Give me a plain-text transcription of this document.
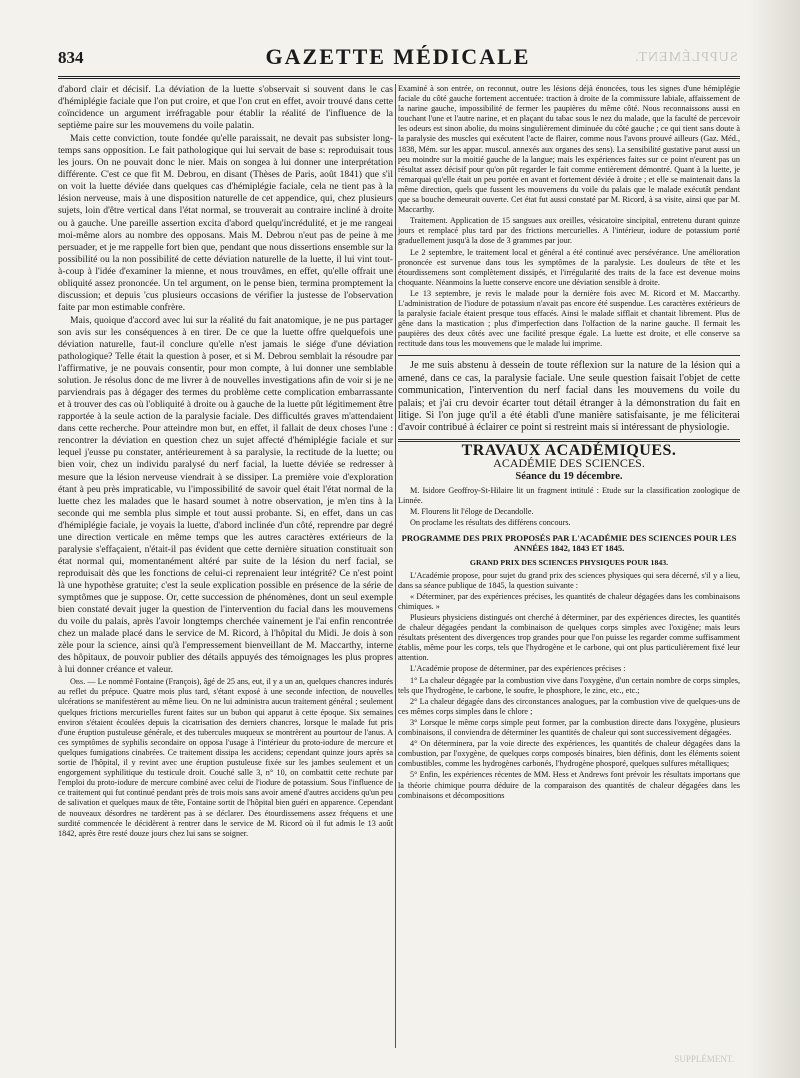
834	GAZETTE MÉDICALE	SUPPLÉMENT.

d'abord clair et décisif. La déviation de la luette s'observait si souvent dans le cas d'hémiplégie faciale que l'on put croire, et que l'on crut en effet, avoir trouvé dans cette coïncidence un argument irréfragable pour établir la réalité de l'influence de la septième paire sur les mouvemens du voile palatin.

Mais cette conviction, toute fondée qu'elle paraissait, ne devait pas subsister long-temps sans opposition. Le fait pathologique qui lui servait de base s: reproduisait tous les jours. On ne pouvait donc le nier. Mais on songea à lui donner une interprétation différente. C'est ce que fit M. Debrou, en disant (Thèses de Paris, août 1841) que s'il on voit la luette déviée dans quelques cas d'hémiplégie faciale, cela ne tient pas à la lésion nerveuse, mais à une disposition naturelle de cet appendice, qui, chez plusieurs sujets, loin d'être vertical dans l'état normal, se trouverait au contraire incliné à droite ou à gauche. Une pareille assertion excita d'abord quelqu'incrédulité, et je me rangeai moi-même alors au nombre des opposans. Mais M. Debrou n'eut pas de peine à me persuader, et je me rappelle fort bien que, pendant que nous dissertions ensemble sur la possibilité ou la non possibilité de cette déviation naturelle de la luette, il lui vint tout-à-coup à l'idée d'examiner la mienne, et nous trouvâmes, en effet, qu'elle offrait une obliquité assez prononcée. Un tel argument, on le pense bien, termina promptement la discussion; et depuis 'cus plusieurs occasions de vérifier la justesse de l'observation faite par mon estimable confrère.

Mais, quoique d'accord avec lui sur la réalité du fait anatomique, je ne pus partager son avis sur les conséquences à en tirer. De ce que la luette offre quelquefois une déviation naturelle, faut-il conclure qu'elle n'est jamais le siége d'une déviation pathologique? Telle était la question à poser, et si M. Debrou semblait la résoudre par l'affirmative, je ne pouvais consentir, pour mon compte, à lui donner une semblable solution. Je résolus donc de me livrer à de nouvelles investigations afin de voir si je ne parviendrais pas à dégager des termes du problème cette complication embarrassante et à trouver des cas où l'obliquité à droite ou à gauche de la luette pût légitimement être rapportée à la seule action de la paralysie faciale. Des difficultés graves m'attendaient dans cette recherche. Pour atteindre mon but, en effet, il fallait de deux choses l'une : rencontrer la déviation en question chez un sujet affecté d'hémiplégie faciale et sur lequel j'eusse pu constater, antérieurement à sa paralysie, la rectitude de la luette; ou bien voir, chez un individu paralysé du nerf facial, la luette déviée se redresser à mesure que la lésion nerveuse viendrait à se dissiper. La première voie d'exploration étant à peu près impraticable, vu l'impossibilité de savoir quel était l'état normal de la luette chez les malades que le hasard soumet à notre observation, je m'en tins à la seconde qui me sembla plus simple et tout aussi probante. Si, en effet, dans un cas d'hémiplégie faciale, je voyais la luette, d'abord inclinée d'un côté, reprendre par degré une direction verticale en même temps que les autres caractères extérieurs de la paralysie s'effaçaient, n'était-il pas évident que cette dernière situation constituait son état normal qui, momentanément altéré par suite de la lésion du nerf facial, se reproduisait dès que les fonctions de celui-ci reprenaient leur intégrité? Ce n'est point là une hypothèse gratuite; c'est la seule explication possible en présence de la série de symptômes que je suppose. Or, cette succession de phénomènes, dont un seul exemple bien constaté devait juger la question de l'intervention du facial dans les mouvemens du voile du palais, après l'avoir longtemps cherchée vainement je l'ai enfin rencontrée chez un malade placé dans le service de M. Ricord, à l'hôpital du Midi. Je dois à son zèle pour la science, ainsi qu'à l'empressement bienveillant de M. Maccarthy, interne des hôpitaux, de pouvoir publier des détails appuyés des témoignages les plus propres à lui donner créance et valeur.

Obs. — Le nommé Fontaine (François), âgé de 25 ans, eut, il y a un an, quelques chancres indurés au reflet du prépuce. Quatre mois plus tard, s'étant exposé à une seconde infection, de nouvelles ulcérations se manifestèrent au même lieu. On ne lui administra aucun traitement général ; seulement quelques frictions mercurielles furent faites sur un bubon qui apparut à cette époque. Six semaines environ s'étaient écoulées depuis la cicatrisation des derniers chancres, lorsque le malade fut pris d'une éruption pustuleuse générale, et des tubercules muqueux se montrèrent au pourtour de l'anus. A ces symptômes de syphilis secondaire on opposa l'usage à l'intérieur du proto-iodure de mercure et quelques fumigations cinabrées. Ce traitement dissipa les accidens; cependant quinze jours après sa sortie de l'hôpital, il y revint avec une éruption pustuleuse fixée sur les jambes seulement et un engorgement syphilitique du testicule droit. Couché salle 3, n° 10, on combattit cette rechute par l'emploi du proto-iodure de mercure combiné avec celui de l'iodure de potassium. Sous l'influence de ce traitement qui fut continué pendant près de trois mois sans avoir amené d'autres accidens qu'un peu de salivation et quelques maux de tête, Fontaine sortit de l'hôpital bien guéri en apparence. Cependant de nouveaux désordres ne tardèrent pas à se déclarer. Des étourdissemens assez fréquens et une surdité commencée le décidèrent à rentrer dans le service de M. Ricord où il fut admis le 13 août 1842, après être resté douze jours chez lui sans se soigner.

Examiné à son entrée, on reconnut, outre les lésions déjà énoncées, tous les signes d'une hémiplégie faciale du côté gauche fortement accentuée: traction à droite de la commissure labiale, affaissement de la narine gauche, impossibilité de fermer les paupières du même côté. Nous reconnaissons aussi en touchant l'une et l'autre narine, et en plaçant du tabac sous le nez du malade, que la faculté de percevoir les odeurs est sinon abolie, du moins singulièrement diminuée du côté gauche ; ce qui tient sans doute à la paralysie des muscles qui exécutent l'acte de flairer, comme nous l'avons prouvé ailleurs (Gaz. Méd., 1838, Mém. sur les appar. muscul. annexés aux organes des sens). La sensibilité gustative parut aussi un peu moindre sur la moitié gauche de la langue; mais les expériences faites sur ce point n'eurent pas un résultat assez décisif pour qu'on pût regarder le fait comme entièrement démontré. Quant à la luette, je remarquai qu'elle était un peu portée en avant et fortement déviée à droite ; et elle se maintenait dans la même direction, quels que fussent les mouvemens du voile du palais que le malade exécutât pendant que sa bouche demeurait ouverte. Cet état fut aussi constaté par M. Ricord, à sa visite, ainsi que par M. Maccarthy.

Traitement. Application de 15 sangsues aux oreilles, vésicatoire sincipital, entretenu durant quinze jours et remplacé plus tard par des frictions mercurielles. A l'intérieur, iodure de potassium porté graduellement jusqu'à la dose de 3 grammes par jour.

Le 2 septembre, le traitement local et général a été continué avec persévérance. Une amélioration prononcée est survenue dans tous les symptômes de la paralysie. Les douleurs de tête et les étourdissemens sont complètement dissipés, et l'irrégularité des traits de la face est devenue moins choquante. Néanmoins la luette conserve encore une déviation sensible à droite.

Le 13 septembre, je revis le malade pour la dernière fois avec M. Ricord et M. Maccarthy. L'administration de l'iodure de potassium n'avait pas encore été suspendue. Les caractères extérieurs de la paralysie faciale étaient presque tous effacés. Ainsi le malade sifflait et chantait librement. Plus de gêne dans la mastication ; plus d'imperfection dans l'olfaction de la narine gauche. Il fermait les paupières des deux côtés avec une facilité presque égale. La luette est droite, et elle conserve sa rectitude dans tous les mouvemens que le malade lui imprime.

Je me suis abstenu à dessein de toute réflexion sur la nature de la lésion qui a amené, dans ce cas, la paralysie faciale. Une seule question faisait l'objet de cette communication, l'intervention du nerf facial dans les mouvemens du voile du palais; et j'ai cru devoir écarter tout détail étranger à la démonstration du fait en litige. Si l'on juge qu'il a été établi d'une manière satisfaisante, je me féliciterai d'avoir contribué à éclairer ce point si restreint mais si intéressant de physiologie.

TRAVAUX ACADÉMIQUES.
ACADÉMIE DES SCIENCES.
Séance du 19 décembre.

M. Isidore Geoffroy-St-Hilaire lit un fragment intitulé : Etude sur la classification zoologique de Linnée.

M. Flourens lit l'éloge de Decandolle.

On proclame les résultats des différens concours.

PROGRAMME DES PRIX PROPOSÉS PAR L'ACADÉMIE DES SCIENCES POUR LES ANNÉES 1842, 1843 ET 1845.
GRAND PRIX DES SCIENCES PHYSIQUES POUR 1843.

L'Académie propose, pour sujet du grand prix des sciences physiques qui sera décerné, s'il y a lieu, dans sa séance publique de 1845, la question suivante :

« Déterminer, par des expériences précises, les quantités de chaleur dégagées dans les combinaisons chimiques. »

Plusieurs physiciens distingués ont cherché à déterminer, par des expériences directes, les quantités de chaleur dégagées pendant la combinaison de quelques corps simples avec l'oxigène; mais leurs résultats présentent des divergences trop grandes pour que l'on puisse les regarder comme suffisamment établis, même pour les corps, tels que l'hydrogène et le carbone, qui ont plus particulièrement fixé leur attention.

L'Académie propose de déterminer, par des expériences précises :

1° La chaleur dégagée par la combustion vive dans l'oxygène, d'un certain nombre de corps simples, tels que l'hydrogène, le carbone, le soufre, le phosphore, le zinc, etc., etc.;

2° La chaleur dégagée dans des circonstances analogues, par la combustion vive de quelques-uns de ces mêmes corps simples dans le chlore ;

3° Lorsque le même corps simple peut former, par la combustion directe dans l'oxygène, plusieurs combinaisons, il conviendra de déterminer les quantités de chaleur qui sont successivement dégagées.

4° On déterminera, par la voie directe des expériences, les quantités de chaleur dégagées dans la combustion, par l'oxygène, de quelques corps composés binaires, bien définis, dont les éléments soient combustibles, comme les hydrogènes carbonés, l'hydrogène phosporé, quelques sulfures métalliques;

5° Enfin, les expériences récentes de MM. Hess et Andrews font prévoir les résultats importans que la théorie chimique pourra déduire de la comparaison des quantités de chaleur dégagées dans les combinaisons et décompositions

SUPPLÉMENT.
